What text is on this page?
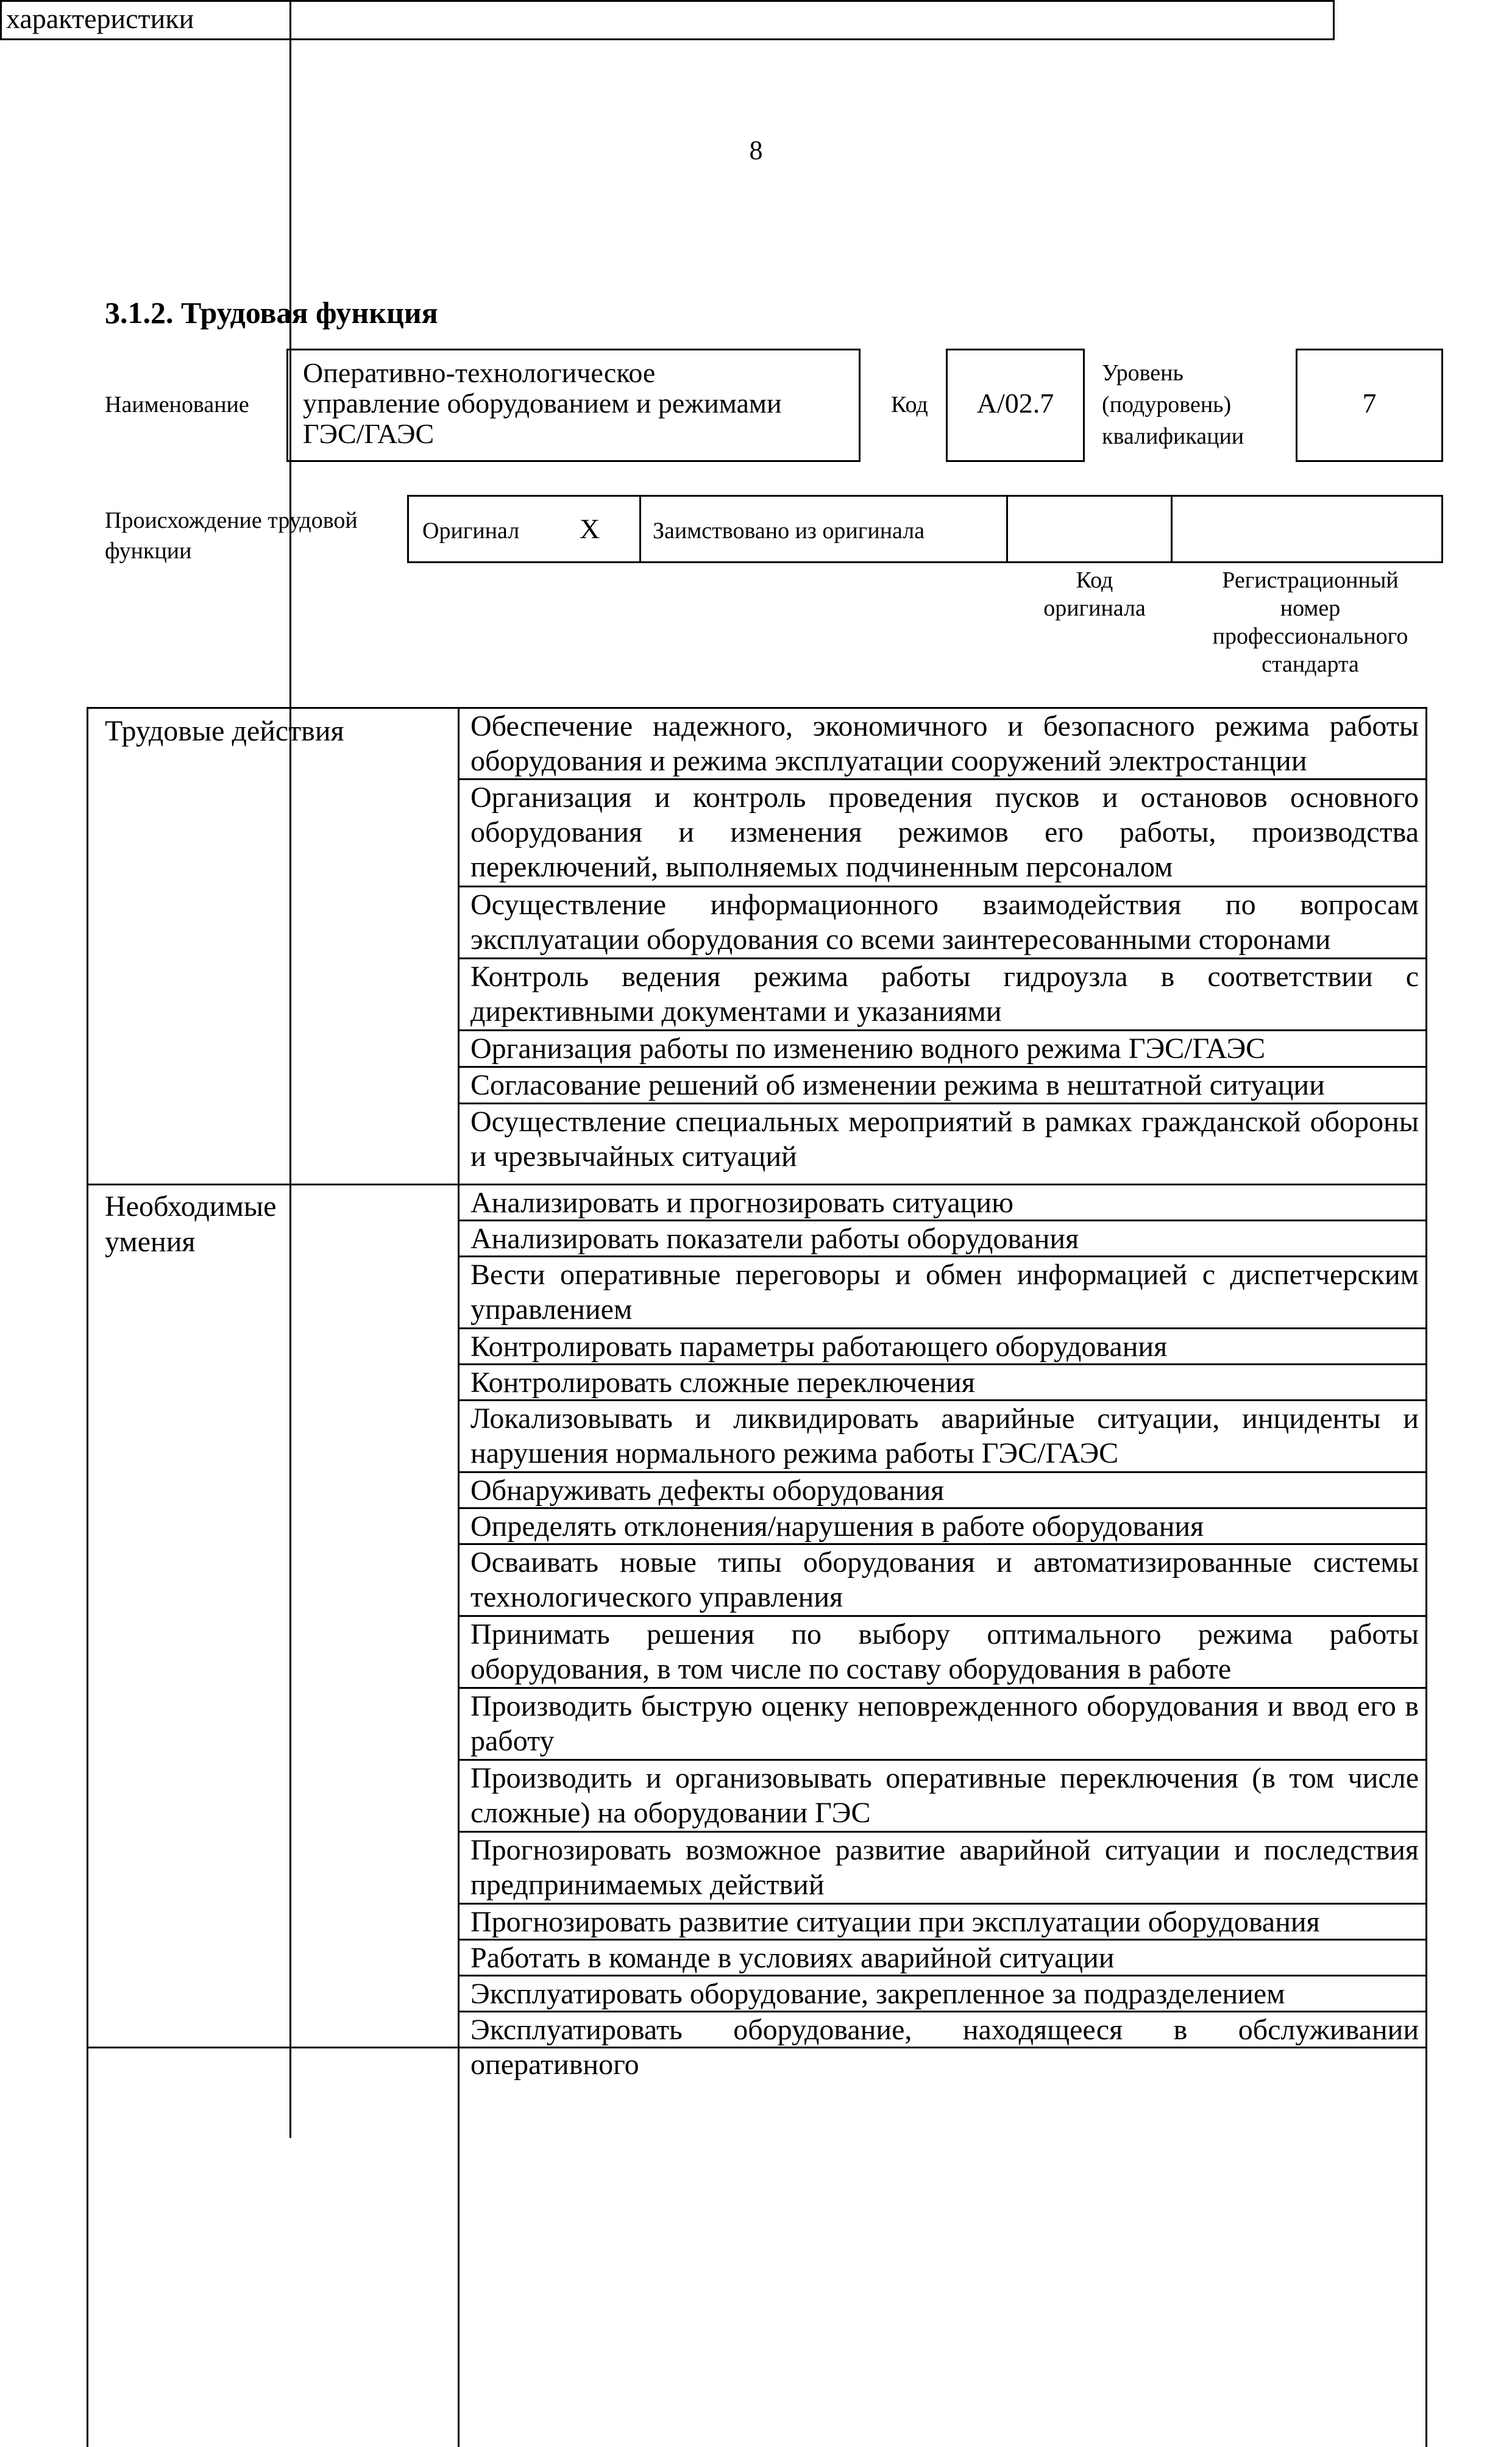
8
характеристики
3.1.2. Трудовая функция
Наименование
Оперативно-технологическое
управление оборудованием и режимами
ГЭС/ГАЭС
Код	A/02.7
Уровень
(подуровень)
квалификации
7
Происхождение трудовой
функции
Оригинал X Заимствовано из оригинала
Код
оригинала
Регистрационный
номер
профессионального
стандарта
Трудовые действия
Необходимые
умения
Обеспечение надежного, экономичного и безопасного режима работы оборудования и режима эксплуатации сооружений электростанции
Организация и контроль проведения пусков и остановов основного оборудования и изменения режимов его работы, производства переключений, выполняемых подчиненным персоналом
Осуществление информационного взаимодействия по вопросам эксплуатации оборудования со всеми заинтересованными сторонами
Контроль ведения режима работы гидроузла в соответствии с директивными документами и указаниями
Организация работы по изменению водного режима ГЭС/ГАЭС
Согласование решений об изменении режима в нештатной ситуации
Осуществление специальных мероприятий в рамках гражданской обороны и чрезвычайных ситуаций
Анализировать и прогнозировать ситуацию
Анализировать показатели работы оборудования
Вести оперативные переговоры и обмен информацией с диспетчерским управлением
Контролировать параметры работающего оборудования
Контролировать сложные переключения
Локализовывать и ликвидировать аварийные ситуации, инциденты и нарушения нормального режима работы ГЭС/ГАЭС
Обнаруживать дефекты оборудования
Определять отклонения/нарушения в работе оборудования
Осваивать новые типы оборудования и автоматизированные системы технологического управления
Принимать решения по выбору оптимального режима работы оборудования, в том числе по составу оборудования в работе
Производить быструю оценку неповрежденного оборудования и ввод его в работу
Производить и организовывать оперативные переключения (в том числе сложные) на оборудовании ГЭС
Прогнозировать возможное развитие аварийной ситуации и последствия предпринимаемых действий
Прогнозировать развитие ситуации при эксплуатации оборудования
Работать в команде в условиях аварийной ситуации
Эксплуатировать оборудование, закрепленное за подразделением
Эксплуатировать оборудование, находящееся в обслуживании оперативного
